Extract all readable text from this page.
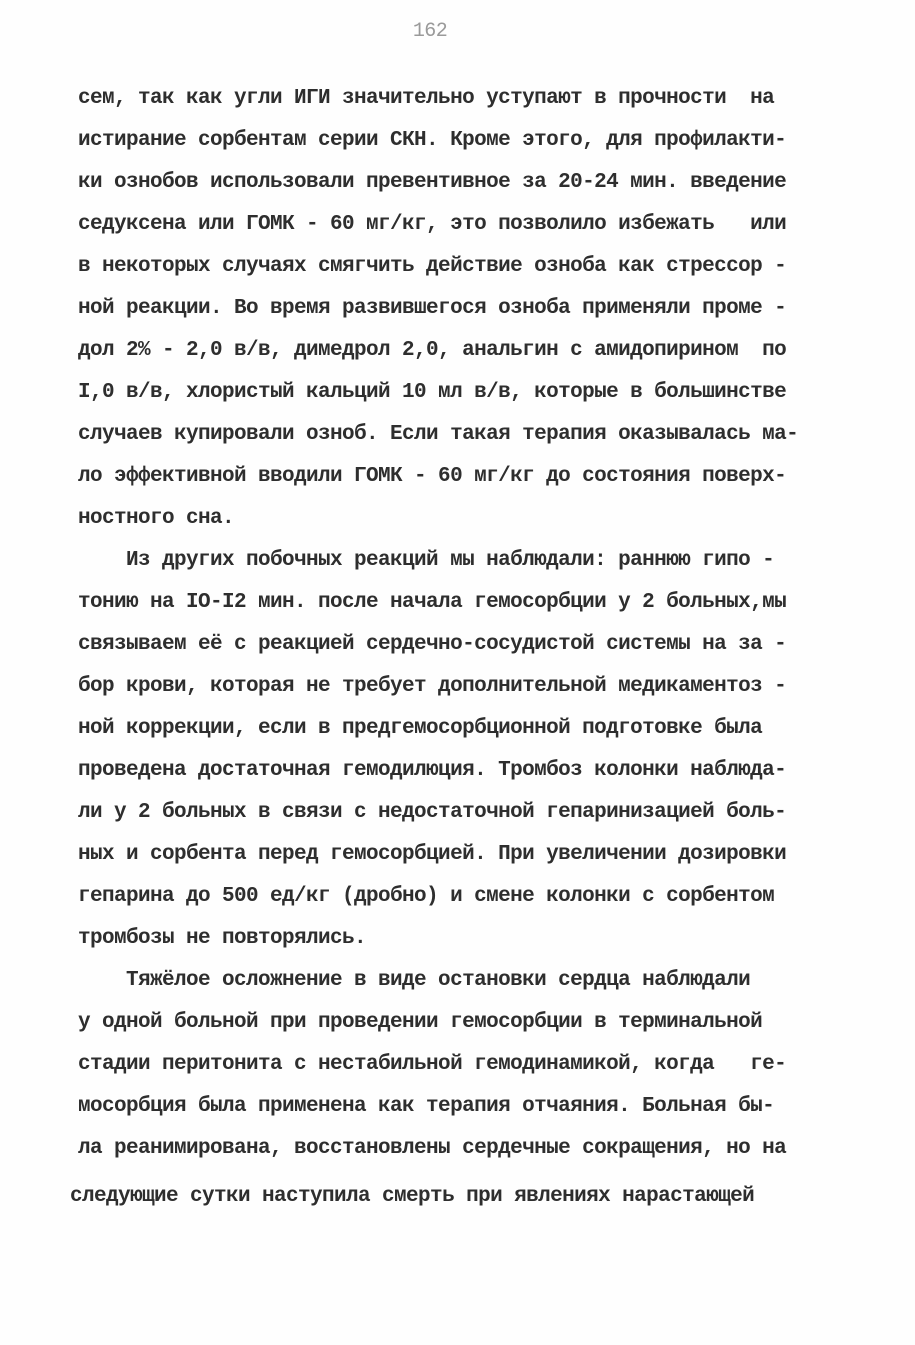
162
сем, так как угли ИГИ значительно уступают в прочности  на
истирание сорбентам серии СКН. Кроме этого, для профилакти-
ки ознобов использовали превентивное за 20-24 мин. введение
седуксена или ГОМК - 60 мг/кг, это позволило избежать   или
в некоторых случаях смягчить действие озноба как стрессор -
ной реакции. Во время развившегося озноба применяли проме -
дол 2% - 2,0 в/в, димедрол 2,0, анальгин с амидопирином  по
I,0 в/в, хлористый кальций 10 мл в/в, которые в большинстве
случаев купировали озноб. Если такая терапия оказывалась ма-
ло эффективной вводили ГОМК - 60 мг/кг до состояния поверх-
ностного сна.
Из других побочных реакций мы наблюдали: раннюю гипо -
тонию на IO-I2 мин. после начала гемосорбции у 2 больных,мы
связываем её с реакцией сердечно-сосудистой системы на за -
бор крови, которая не требует дополнительной медикаментоз -
ной коррекции, если в предгемосорбционной подготовке была
проведена достаточная гемодилюция. Тромбоз колонки наблюда-
ли у 2 больных в связи с недостаточной гепаринизацией боль-
ных и сорбента перед гемосорбцией. При увеличении дозировки
гепарина до 500 ед/кг (дробно) и смене колонки с сорбентом
тромбозы не повторялись.
Тяжёлое осложнение в виде остановки сердца наблюдали
у одной больной при проведении гемосорбции в терминальной
стадии перитонита с нестабильной гемодинамикой, когда   ге-
мосорбция была применена как терапия отчаяния. Больная бы-
ла реанимирована, восстановлены сердечные сокращения, но на
следующие сутки наступила смерть при явлениях нарастающей
